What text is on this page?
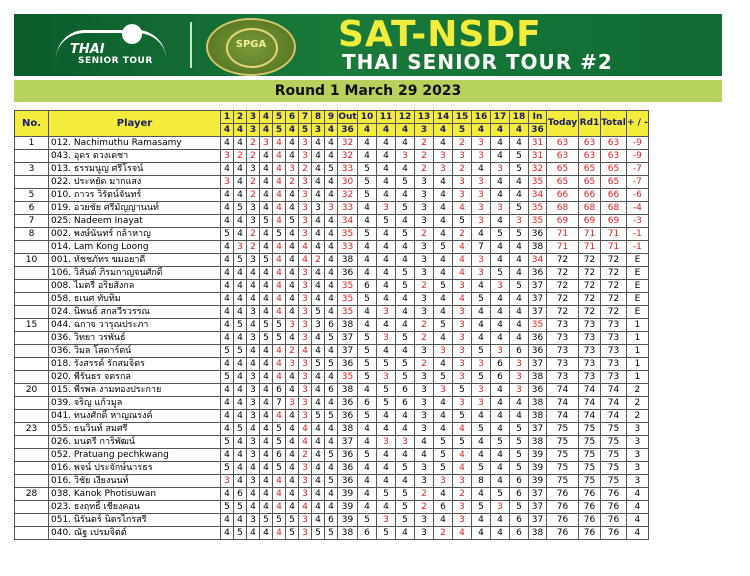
THAI
SENIOR TOUR
SPGA	SAT-NSDF
THAI SENIOR TOUR #2
Round 1 March 29 2023
No.	Player	1	2	3	4	5	6	7	8	9	Out	10	11	12	13	14	15	16	17	18	In	Today	Rd1	Total	+ / -
		4	4	3	4	5	4	5	3	4	36	4	4	4	3	4	5	4	4	4	36				
1	012. Nachimuthu Ramasamy	4	4	2	3	4	4	3	4	4	32	4	4	4	2	4	2	3	4	4	31	63	63	63	-9
	043. อุดร ดวงเดชา	3	2	2	4	4	4	3	4	4	32	4	4	3	2	3	3	3	4	5	31	63	63	63	-9
3	013. ธรรมนูญ ศรีโรจน์	4	4	3	4	4	3	2	4	5	33	5	4	4	2	3	2	4	3	5	32	65	65	65	-7
	022. ประหยัด มากแสง	3	4	2	4	4	2	3	4	4	30	5	4	5	3	4	3	3	4	4	35	65	65	65	-7
5	010. ถาวร วิรัตน์จันทร์	4	4	2	4	4	4	3	4	4	32	5	4	4	3	4	3	3	4	4	34	66	66	66	-6
6	019. อวยชัย ศรีมัญญานนท์	4	5	3	4	4	4	3	3	3	33	4	3	5	3	4	4	3	3	5	35	68	68	68	-4
7	025. Nadeem Inayat	4	4	3	5	4	5	3	4	4	34	4	5	4	3	4	5	3	4	3	35	69	69	69	-3
8	002. พงษ์นันทร์ กล้าหาญ	5	4	2	4	5	4	3	4	4	35	5	4	5	2	4	2	4	5	5	36	71	71	71	-1
	014. Lam Kong Loong	4	3	2	4	4	4	4	4	4	33	4	4	4	3	5	4	7	4	4	38	71	71	71	-1
10	001. หัชชภัทร ขมอยาดี	4	5	3	5	4	4	4	2	4	38	4	4	4	3	4	4	3	4	4	34	72	72	72	E
	106. วิสันต์ ภิรมกาญจนศักดิ์	4	4	4	4	4	4	3	4	4	36	4	4	5	3	4	4	3	5	4	36	72	72	72	E
	008. ไมตรี อริยสังกล	4	4	4	4	4	4	3	4	4	35	6	4	5	2	5	3	4	3	5	37	72	72	72	E
	058. ธเนศ ทับทิม	4	4	4	4	4	4	3	4	4	35	5	4	4	3	4	4	5	4	4	37	72	72	72	E
	024. นิพนธ์ สกลวีรวรรณ	4	4	3	4	4	4	3	5	4	35	4	3	4	3	4	3	4	4	4	37	72	72	72	E
15	044. ฉกาจ วารุณประภา	4	5	4	5	5	3	3	3	6	38	4	4	4	2	5	3	4	4	4	35	73	73	73	1
	036. วิทยา วรพันธ์	4	4	3	5	5	4	3	4	5	37	5	3	5	2	4	3	4	4	4	36	73	73	73	1
	036. วิมล โสดาร์ตน์	5	5	4	4	4	2	4	4	4	37	5	4	4	3	3	3	5	3	6	36	73	73	73	1
	018. รังสรรค์ รักสมจิตร	4	4	4	4	4	3	3	5	5	36	5	5	5	2	4	3	3	6	3	37	73	73	73	1
	020. พีรันธร จตรกล	5	4	3	4	4	4	3	4	4	35	5	3	5	3	5	3	5	6	3	38	73	73	73	1
20	015. พีรพล งามทองประกาย	4	4	3	4	6	4	3	4	6	38	4	5	6	3	3	5	3	4	3	36	74	74	74	2
	039. จริญ แก้วมูล	4	4	3	4	7	3	3	4	4	36	6	5	6	3	4	3	3	4	4	38	74	74	74	2
	041. ทนงศักดิ์ หาญณรงค์	4	4	3	4	4	4	3	5	5	36	5	4	4	3	4	5	4	4	4	38	74	74	74	2
23	055. ธนวินท์ สมศรี	4	5	4	4	5	4	4	4	4	38	4	4	4	3	4	4	5	4	5	37	75	75	75	3
	026. มนตรี การิพัฒน์	5	4	3	4	5	4	4	4	4	37	4	3	3	4	5	5	4	5	5	38	75	75	75	3
	052. Pratuang pechkwang	4	4	3	4	6	4	2	4	5	36	5	4	4	4	5	4	4	4	5	39	75	75	75	3
	016. พจน์ ประจักษ์นารธร	5	4	4	4	5	4	3	4	4	36	4	4	5	3	5	4	5	4	5	39	75	75	75	3
	016. วิชัย เงียงนนท์	3	4	3	4	4	4	3	4	5	36	4	4	4	3	3	3	8	4	6	39	75	75	75	3
28	038. Kanok Photisuwan	4	6	4	4	4	4	3	4	4	39	4	5	5	2	4	2	4	5	6	37	76	76	76	4
	023. ธงฤทธิ์ เชี่ยงคอน	5	5	4	4	4	4	4	4	4	39	4	4	5	2	6	3	5	3	5	37	76	76	76	4
	051. นิรันดร์ นิตรไกรสรี	4	4	3	5	5	5	3	4	6	39	5	3	5	3	4	3	4	4	6	37	76	76	76	4
	040. ณัฐ เปรมจิตต์	4	5	4	4	4	5	3	5	5	38	6	5	4	3	2	4	4	4	6	38	76	76	76	4
